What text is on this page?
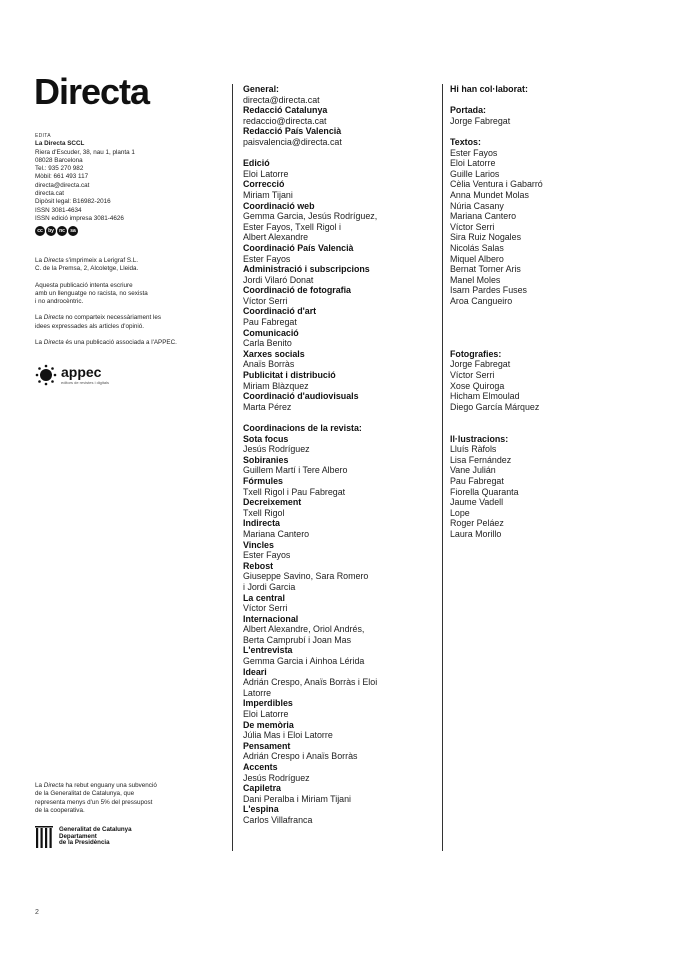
Directa
EDITA
La Directa SCCL
Riera d'Escuder, 38, nau 1, planta 1
08028 Barcelona
Tel.: 935 270 982
Mòbil: 661 493 117
directa@directa.cat
directa.cat
Dipòsit legal: B16982-2016
ISSN 3081-4634
ISSN edició impresa 3081-4626
cc	by	nc	sa

La Directa s'imprimeix a Lerigraf S.L.
C. de la Premsa, 2, Alcoletge, Lleida.

Aquesta publicació intenta escriure
amb un llenguatge no racista, no sexista
i no androcèntric.

La Directa no comparteix necessàriament les
idees expressades als articles d'opinió.

La Directa és una publicació associada a l'APPEC.

appec
editors de revistes i digitals
La Directa ha rebut enguany una subvenció
de la Generalitat de Catalunya, que
representa menys d'un 5% del pressupost
de la cooperativa.
Generalitat de Catalunya
Departament
de la Presidència
2
General:
directa@directa.cat
Redacció Catalunya
redaccio@directa.cat
Redacció País Valencià
paisvalencia@directa.cat
Edició
Eloi Latorre
Correcció
Miriam Tijani
Coordinació web
Gemma Garcia, Jesús Rodríguez,
Ester Fayos, Txell Rigol i
Albert Alexandre
Coordinació País Valencià
Ester Fayos
Administració i subscripcions
Jordi Vilaró Donat
Coordinació de fotografia
Víctor Serri
Coordinació d'art
Pau Fabregat
Comunicació
Carla Benito
Xarxes socials
Anaïs Borràs
Publicitat i distribució
Miriam Blàzquez
Coordinació d'audiovisuals
Marta Pérez
Coordinacions de la revista:
Sota focus
Jesús Rodríguez
Sobiranies
Guillem Martí i Tere Albero
Fórmules
Txell Rigol i Pau Fabregat
Decreixement
Txell Rigol
Indirecta
Mariana Cantero
Vincles
Ester Fayos
Rebost
Giuseppe Savino, Sara Romero
i Jordi Garcia
La central
Víctor Serri
Internacional
Albert Alexandre, Oriol Andrés,
Berta Camprubí i Joan Mas
L'entrevista
Gemma Garcia i Ainhoa Lérida
Ideari
Adrián Crespo, Anaïs Borràs i Eloi
Latorre
Imperdibles
Eloi Latorre
De memòria
Júlia Mas i Eloi Latorre
Pensament
Adrián Crespo i Anaïs Borràs
Accents
Jesús Rodríguez
Capiletra
Dani Peralba i Miriam Tijani
L'espina
Carlos Villafranca
Hi han col·laborat:
Portada:
Jorge Fabregat
Textos:
Ester Fayos
Eloi Latorre
Guille Larios
Cèlia Ventura i Gabarró
Anna Mundet Molas
Núria Casany
Mariana Cantero
Víctor Serri
Sira Ruiz Nogales
Nicolás Salas
Miquel Albero
Bernat Torner Aris
Manel Moles
Isarn Pardes Fuses
Aroa Cangueiro
Fotografies:
Jorge Fabregat
Víctor Serri
Xose Quiroga
Hicham Elmoulad
Diego García Márquez
Il·lustracions:
Lluís Ràfols
Lisa Fernández
Vane Julián
Pau Fabregat
Fiorella Quaranta
Jaume Vadell
Lope
Roger Peláez
Laura Morillo
